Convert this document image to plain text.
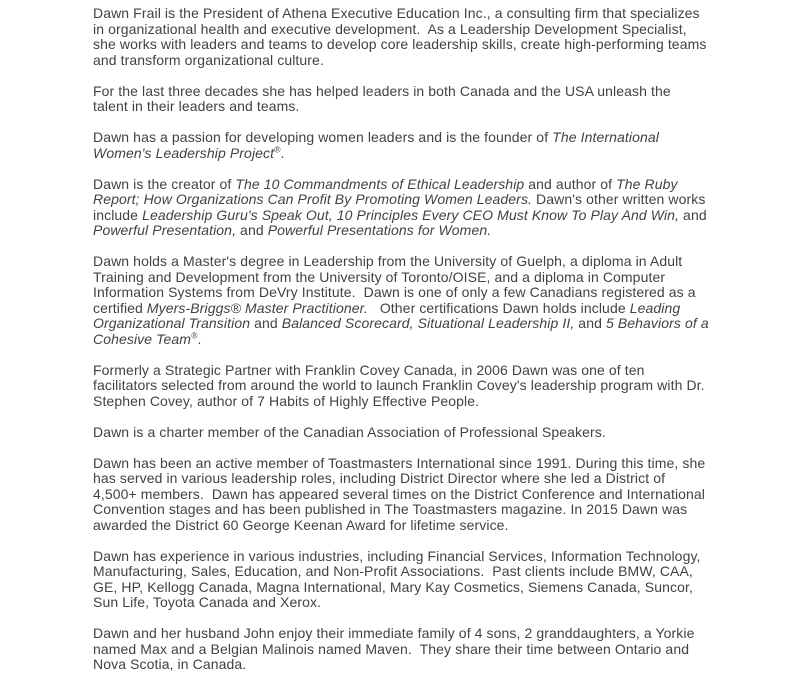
Dawn Frail is the President of Athena Executive Education Inc., a consulting firm that specializes in organizational health and executive development.  As a Leadership Development Specialist, she works with leaders and teams to develop core leadership skills, create high-performing teams and transform organizational culture.

For the last three decades she has helped leaders in both Canada and the USA unleash the talent in their leaders and teams.

Dawn has a passion for developing women leaders and is the founder of The International Women's Leadership Project®.

Dawn is the creator of The 10 Commandments of Ethical Leadership and author of The Ruby Report; How Organizations Can Profit By Promoting Women Leaders. Dawn's other written works include Leadership Guru's Speak Out, 10 Principles Every CEO Must Know To Play And Win, and Powerful Presentation, and Powerful Presentations for Women.

Dawn holds a Master's degree in Leadership from the University of Guelph, a diploma in Adult Training and Development from the University of Toronto/OISE, and a diploma in Computer Information Systems from DeVry Institute.  Dawn is one of only a few Canadians registered as a certified Myers-Briggs® Master Practitioner.   Other certifications Dawn holds include Leading Organizational Transition and Balanced Scorecard, Situational Leadership II, and 5 Behaviors of a Cohesive Team®.

Formerly a Strategic Partner with Franklin Covey Canada, in 2006 Dawn was one of ten facilitators selected from around the world to launch Franklin Covey's leadership program with Dr. Stephen Covey, author of 7 Habits of Highly Effective People.

Dawn is a charter member of the Canadian Association of Professional Speakers.

Dawn has been an active member of Toastmasters International since 1991. During this time, she has served in various leadership roles, including District Director where she led a District of 4,500+ members.  Dawn has appeared several times on the District Conference and International Convention stages and has been published in The Toastmasters magazine. In 2015 Dawn was awarded the District 60 George Keenan Award for lifetime service.

Dawn has experience in various industries, including Financial Services, Information Technology, Manufacturing, Sales, Education, and Non-Profit Associations.  Past clients include BMW, CAA, GE, HP, Kellogg Canada, Magna International, Mary Kay Cosmetics, Siemens Canada, Suncor, Sun Life, Toyota Canada and Xerox.

Dawn and her husband John enjoy their immediate family of 4 sons, 2 granddaughters, a Yorkie named Max and a Belgian Malinois named Maven.  They share their time between Ontario and Nova Scotia, in Canada.
